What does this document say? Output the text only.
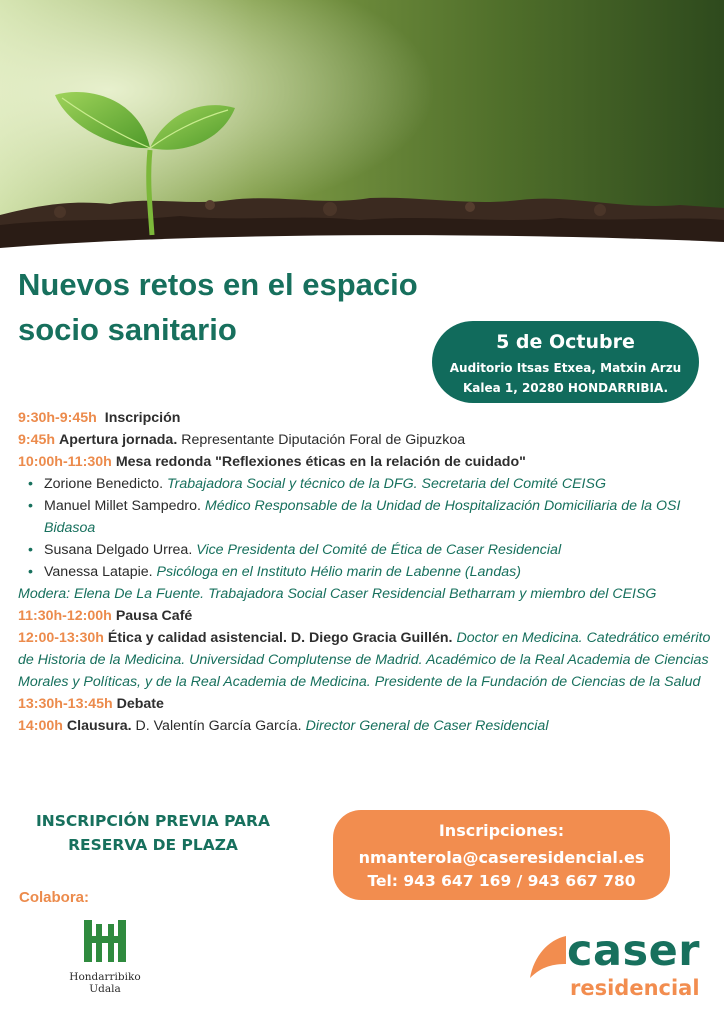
Nuevos retos en el espacio
socio sanitario	5 de Octubre
Auditorio Itsas Etxea, Matxin Arzu
Kalea 1, 20280 HONDARRIBIA.

9:30h-9:45h Inscripción

9:45h Apertura jornada. Representante Diputación Foral de Gipuzkoa

10:00h-11:30h Mesa redonda "Reflexiones éticas en la relación de cuidado"

• Zorione Benedicto. Trabajadora Social y técnico de la DFG. Secretaria del Comité CEISG
• Manuel Millet Sampedro. Médico Responsable de la Unidad de Hospitalización Domiciliaria de la OSI Bidasoa
• Susana Delgado Urrea. Vice Presidenta del Comité de Ética de Caser Residencial
• Vanessa Latapie. Psicóloga en el Instituto Hélio marin de Labenne (Landas)

Modera: Elena De La Fuente. Trabajadora Social Caser Residencial Betharram y miembro del CEISG

11:30h-12:00h Pausa Café

12:00-13:30h Ética y calidad asistencial. D. Diego Gracia Guillén. Doctor en Medicina. Catedrático emérito de Historia de la Medicina. Universidad Complutense de Madrid. Académico de la Real Academia de Ciencias Morales y Políticas, y de la Real Academia de Medicina. Presidente de la Fundación de Ciencias de la Salud

13:30h-13:45h Debate

14:00h Clausura. D. Valentín García García. Director General de Caser Residencial

INSCRIPCIÓN PREVIA PARA
RESERVA DE PLAZA
Inscripciones:
nmanterola@caseresidencial.es
Tel: 943 647 169 / 943 667 780
Colabora:
Hondarribiko
Udala
caser
residencial
